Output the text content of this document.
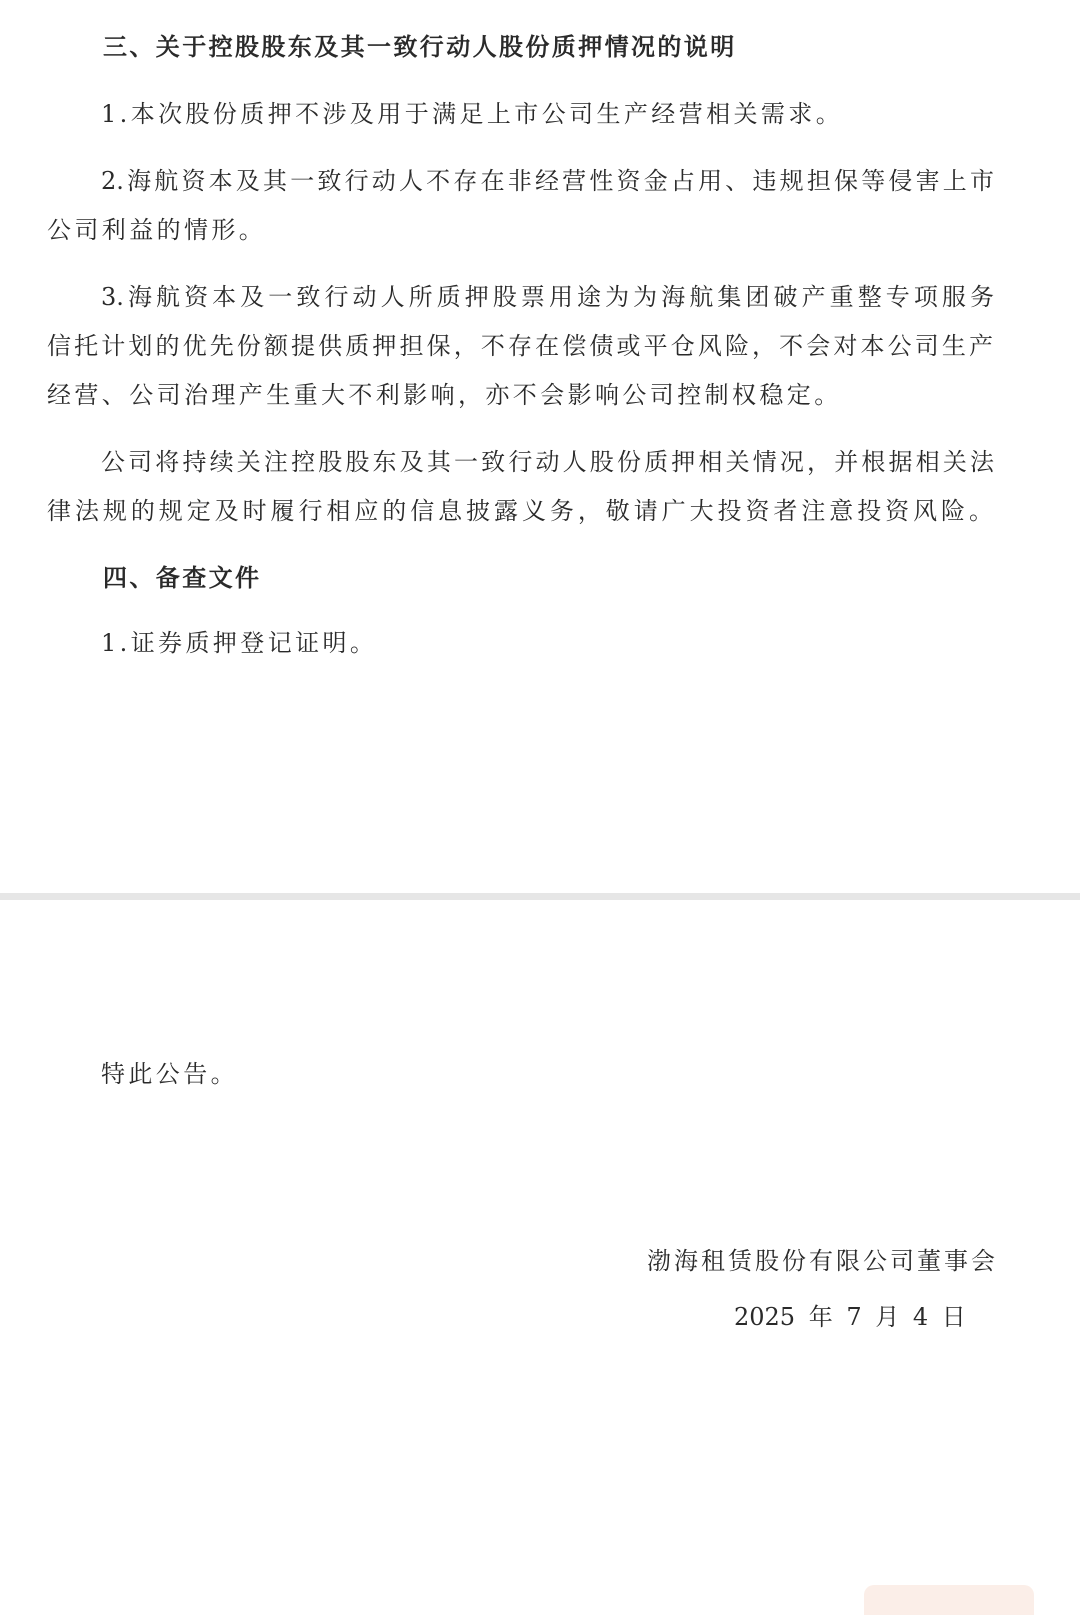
三、关于控股股东及其一致行动人股份质押情况的说明
1.本次股份质押不涉及用于满足上市公司生产经营相关需求。
2.海航资本及其一致行动人不存在非经营性资金占用、违规担保等侵害上市
公司利益的情形。
3.海航资本及一致行动人所质押股票用途为为海航集团破产重整专项服务
信托计划的优先份额提供质押担保，不存在偿债或平仓风险，不会对本公司生产
经营、公司治理产生重大不利影响，亦不会影响公司控制权稳定。
公司将持续关注控股股东及其一致行动人股份质押相关情况，并根据相关法
律法规的规定及时履行相应的信息披露义务，敬请广大投资者注意投资风险。
四、备查文件
1.证券质押登记证明。
特此公告。
渤海租赁股份有限公司董事会
2025 年 7 月 4 日
